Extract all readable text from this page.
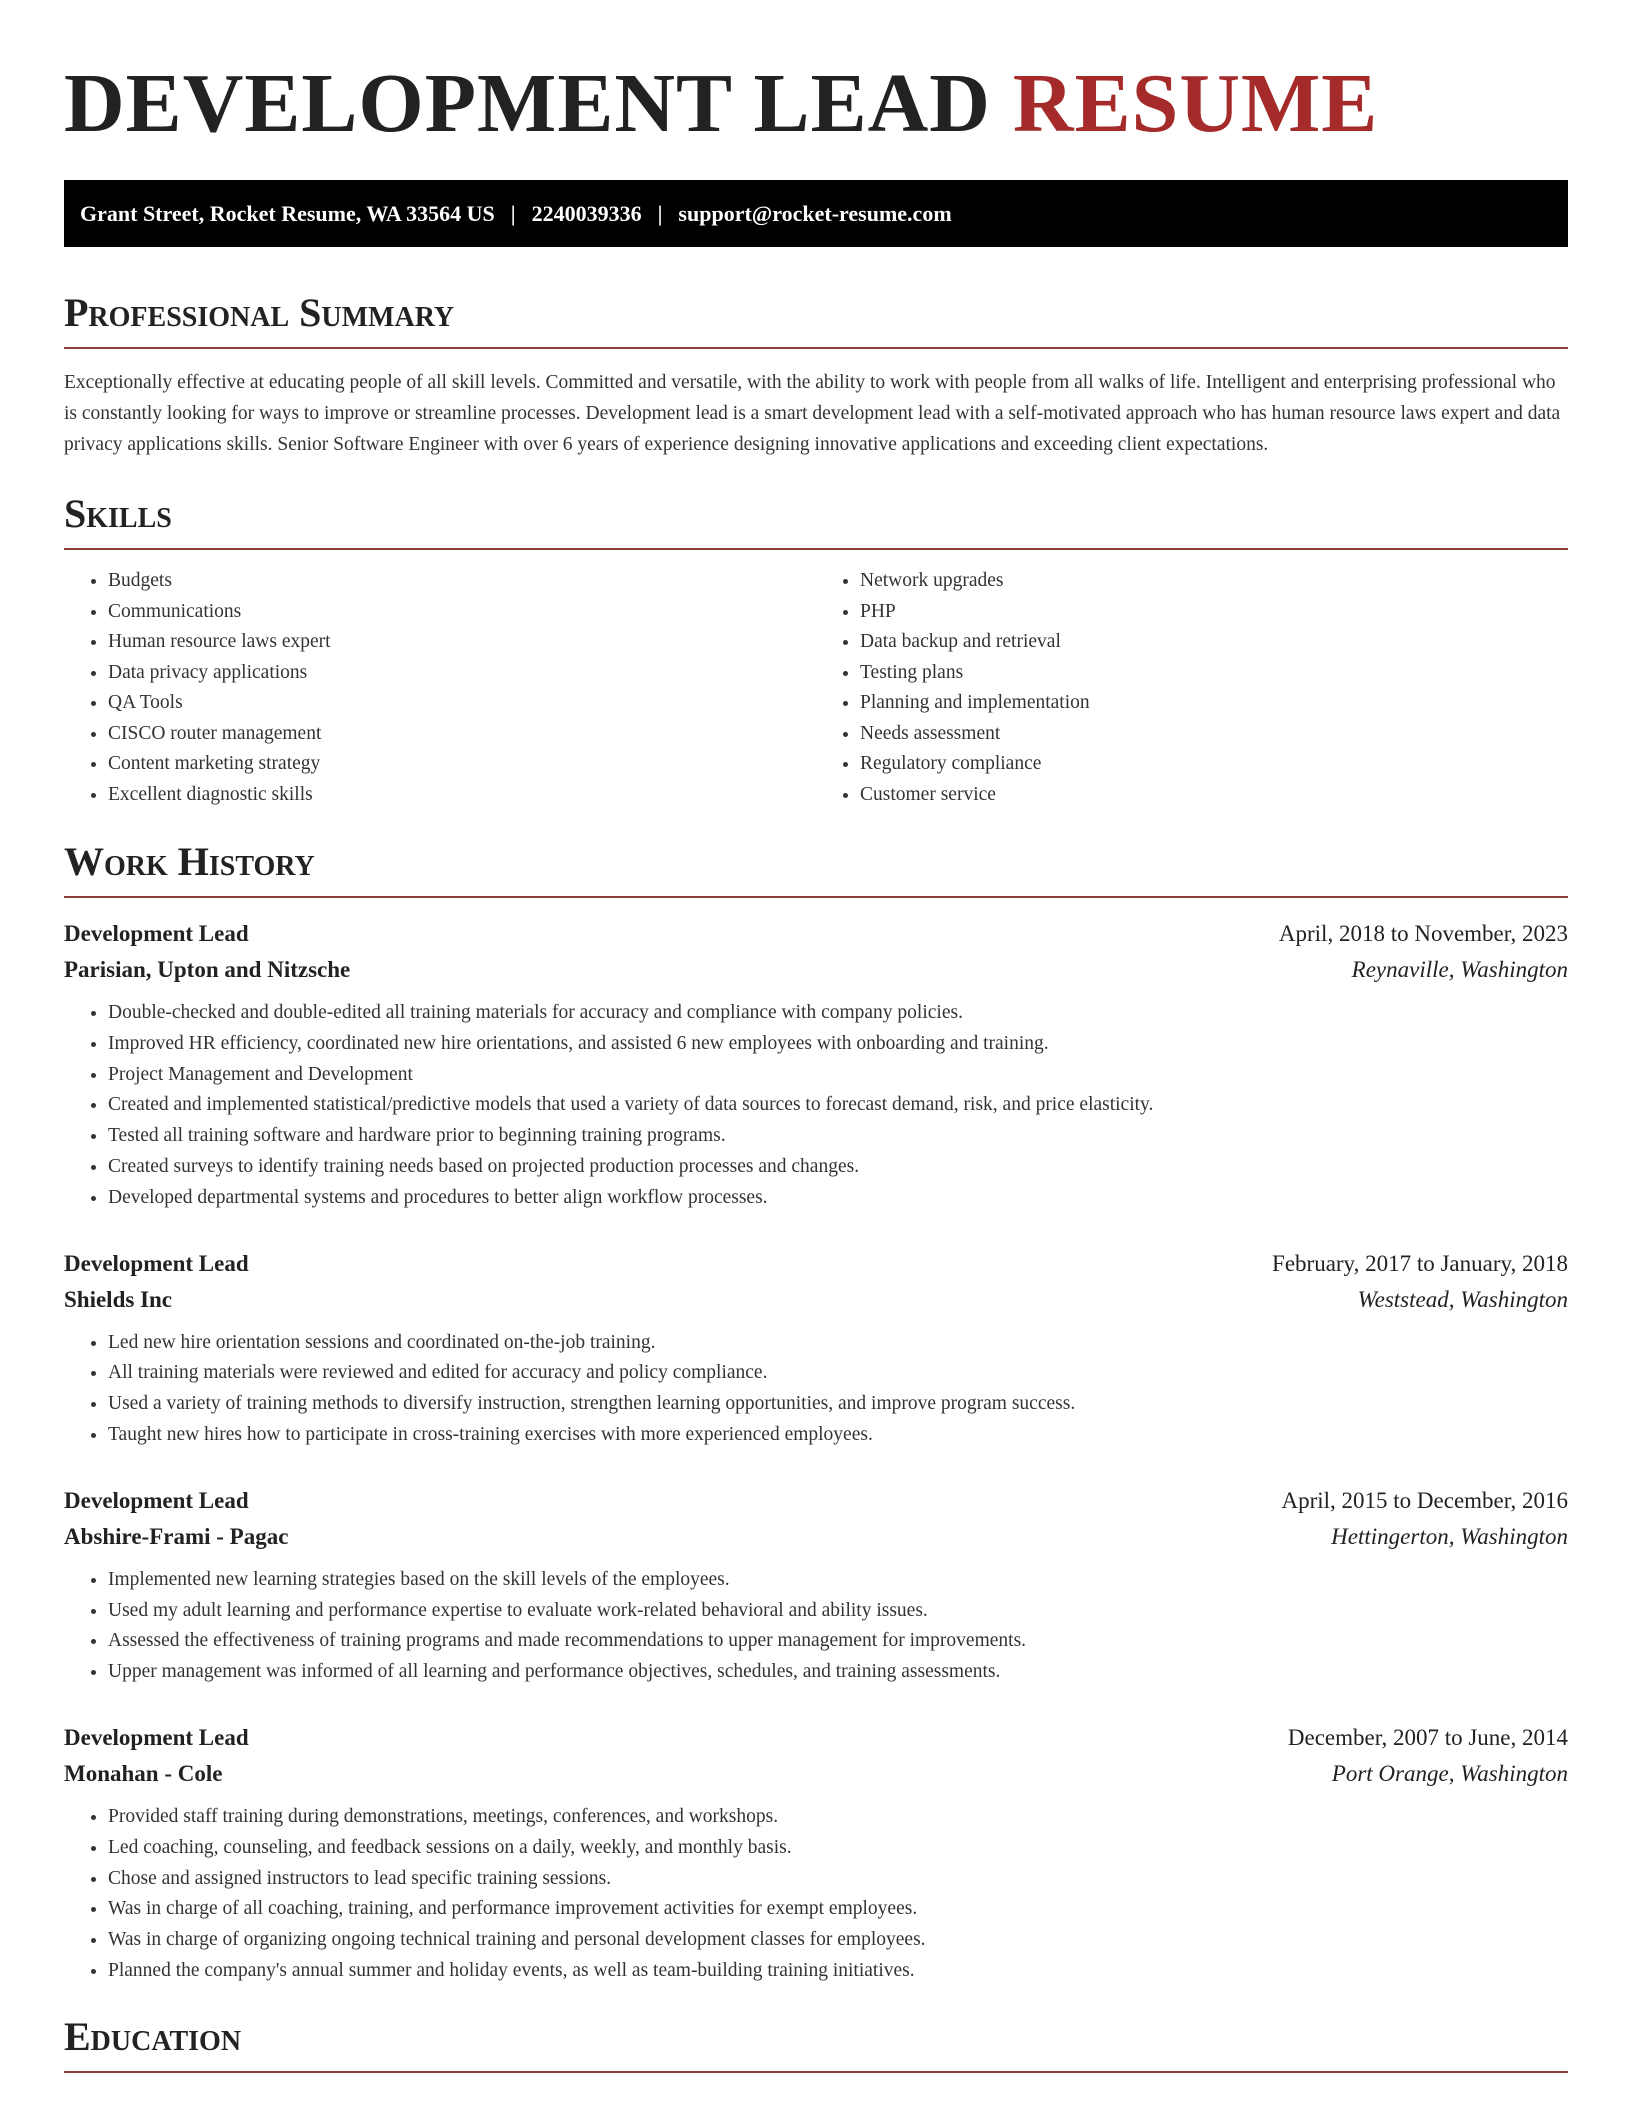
DEVELOPMENT LEAD RESUME
Grant Street, Rocket Resume, WA 33564 US | 2240039336 | support@rocket-resume.com
Professional Summary

Exceptionally effective at educating people of all skill levels. Committed and versatile, with the ability to work with people from all walks of life. Intelligent and enterprising professional who is constantly looking for ways to improve or streamline processes. Development lead is a smart development lead with a self-motivated approach who has human resource laws expert and data privacy applications skills. Senior Software Engineer with over 6 years of experience designing innovative applications and exceeding client expectations.

Skills
• Budgets
• Communications
• Human resource laws expert
• Data privacy applications
• QA Tools
• CISCO router management
• Content marketing strategy
• Excellent diagnostic skills
• Network upgrades
• PHP
• Data backup and retrieval
• Testing plans
• Planning and implementation
• Needs assessment
• Regulatory compliance
• Customer service
Work History
Development Lead	April, 2018 to November, 2023
Parisian, Upton and Nitzsche	Reynaville, Washington
• Double-checked and double-edited all training materials for accuracy and compliance with company policies.
• Improved HR efficiency, coordinated new hire orientations, and assisted 6 new employees with onboarding and training.
• Project Management and Development
• Created and implemented statistical/predictive models that used a variety of data sources to forecast demand, risk, and price elasticity.
• Tested all training software and hardware prior to beginning training programs.
• Created surveys to identify training needs based on projected production processes and changes.
• Developed departmental systems and procedures to better align workflow processes.
Development Lead	February, 2017 to January, 2018
Shields Inc	Weststead, Washington
• Led new hire orientation sessions and coordinated on-the-job training.
• All training materials were reviewed and edited for accuracy and policy compliance.
• Used a variety of training methods to diversify instruction, strengthen learning opportunities, and improve program success.
• Taught new hires how to participate in cross-training exercises with more experienced employees.
Development Lead	April, 2015 to December, 2016
Abshire-Frami - Pagac	Hettingerton, Washington
• Implemented new learning strategies based on the skill levels of the employees.
• Used my adult learning and performance expertise to evaluate work-related behavioral and ability issues.
• Assessed the effectiveness of training programs and made recommendations to upper management for improvements.
• Upper management was informed of all learning and performance objectives, schedules, and training assessments.
Development Lead	December, 2007 to June, 2014
Monahan - Cole	Port Orange, Washington
• Provided staff training during demonstrations, meetings, conferences, and workshops.
• Led coaching, counseling, and feedback sessions on a daily, weekly, and monthly basis.
• Chose and assigned instructors to lead specific training sessions.
• Was in charge of all coaching, training, and performance improvement activities for exempt employees.
• Was in charge of organizing ongoing technical training and personal development classes for employees.
• Planned the company's annual summer and holiday events, as well as team-building training initiatives.
Education
